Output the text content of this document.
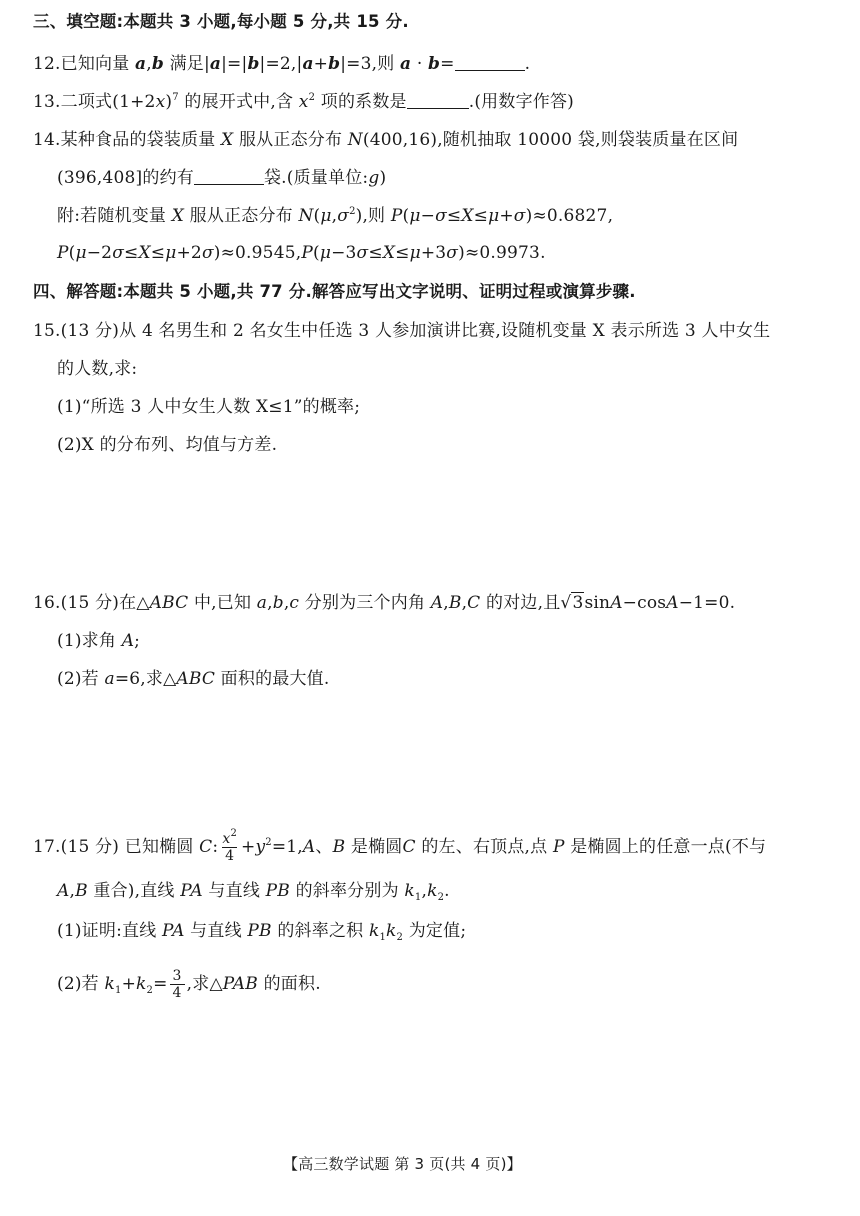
三、填空题:本题共 3 小题,每小题 5 分,共 15 分.
12.已知向量 a,b 满足|a|=|b|=2,|a+b|=3,则 a · b=	.
13.二项式$(1+2x)^7$ 的展开式中,含 $x^2$ 项的系数是	.(用数字作答)
14.某种食品的袋装质量 X 服从正态分布 N(400,16),随机抽取 10000 袋,则袋装质量在区间
(396,408]的约有	袋.(质量单位:g)
附:若随机变量 X 服从正态分布 $N(\mu,\sigma^2)$,则 P(μ−σ≤X≤μ+σ)≈0.6827,
P(μ−2σ≤X≤μ+2σ)≈0.9545,P(μ−3σ≤X≤μ+3σ)≈0.9973.
四、解答题:本题共 5 小题,共 77 分.解答应写出文字说明、证明过程或演算步骤.
15.(13 分)从 4 名男生和 2 名女生中任选 3 人参加演讲比赛,设随机变量 X 表示所选 3 人中女生
的人数,求:
(1)“所选 3 人中女生人数 X≤1”的概率;
(2)X 的分布列、均值与方差.
16.(15 分)在△ABC 中,已知 a,b,c 分别为三个内角 A,B,C 的对边,且√3sinA−cosA−1=0.
(1)求角 A;
(2)若 a=6,求△ABC 面积的最大值.
17.(15 分) 已知椭圆 C: $\frac{x^2}{4} +y^2=1,A$、B 是椭圆C 的左、右顶点,点 P 是椭圆上的任意一点(不与
A,B 重合),直线 PA 与直线 PB 的斜率分别为 $k_1,k_2$.
(1)证明:直线 PA 与直线 PB 的斜率之积 $k_1k_2$ 为定值;
(2)若 $k_1+k_2= \frac{3}{4}$ ,求△PAB 的面积.
【高三数学试题 第 3 页(共 4 页)】
